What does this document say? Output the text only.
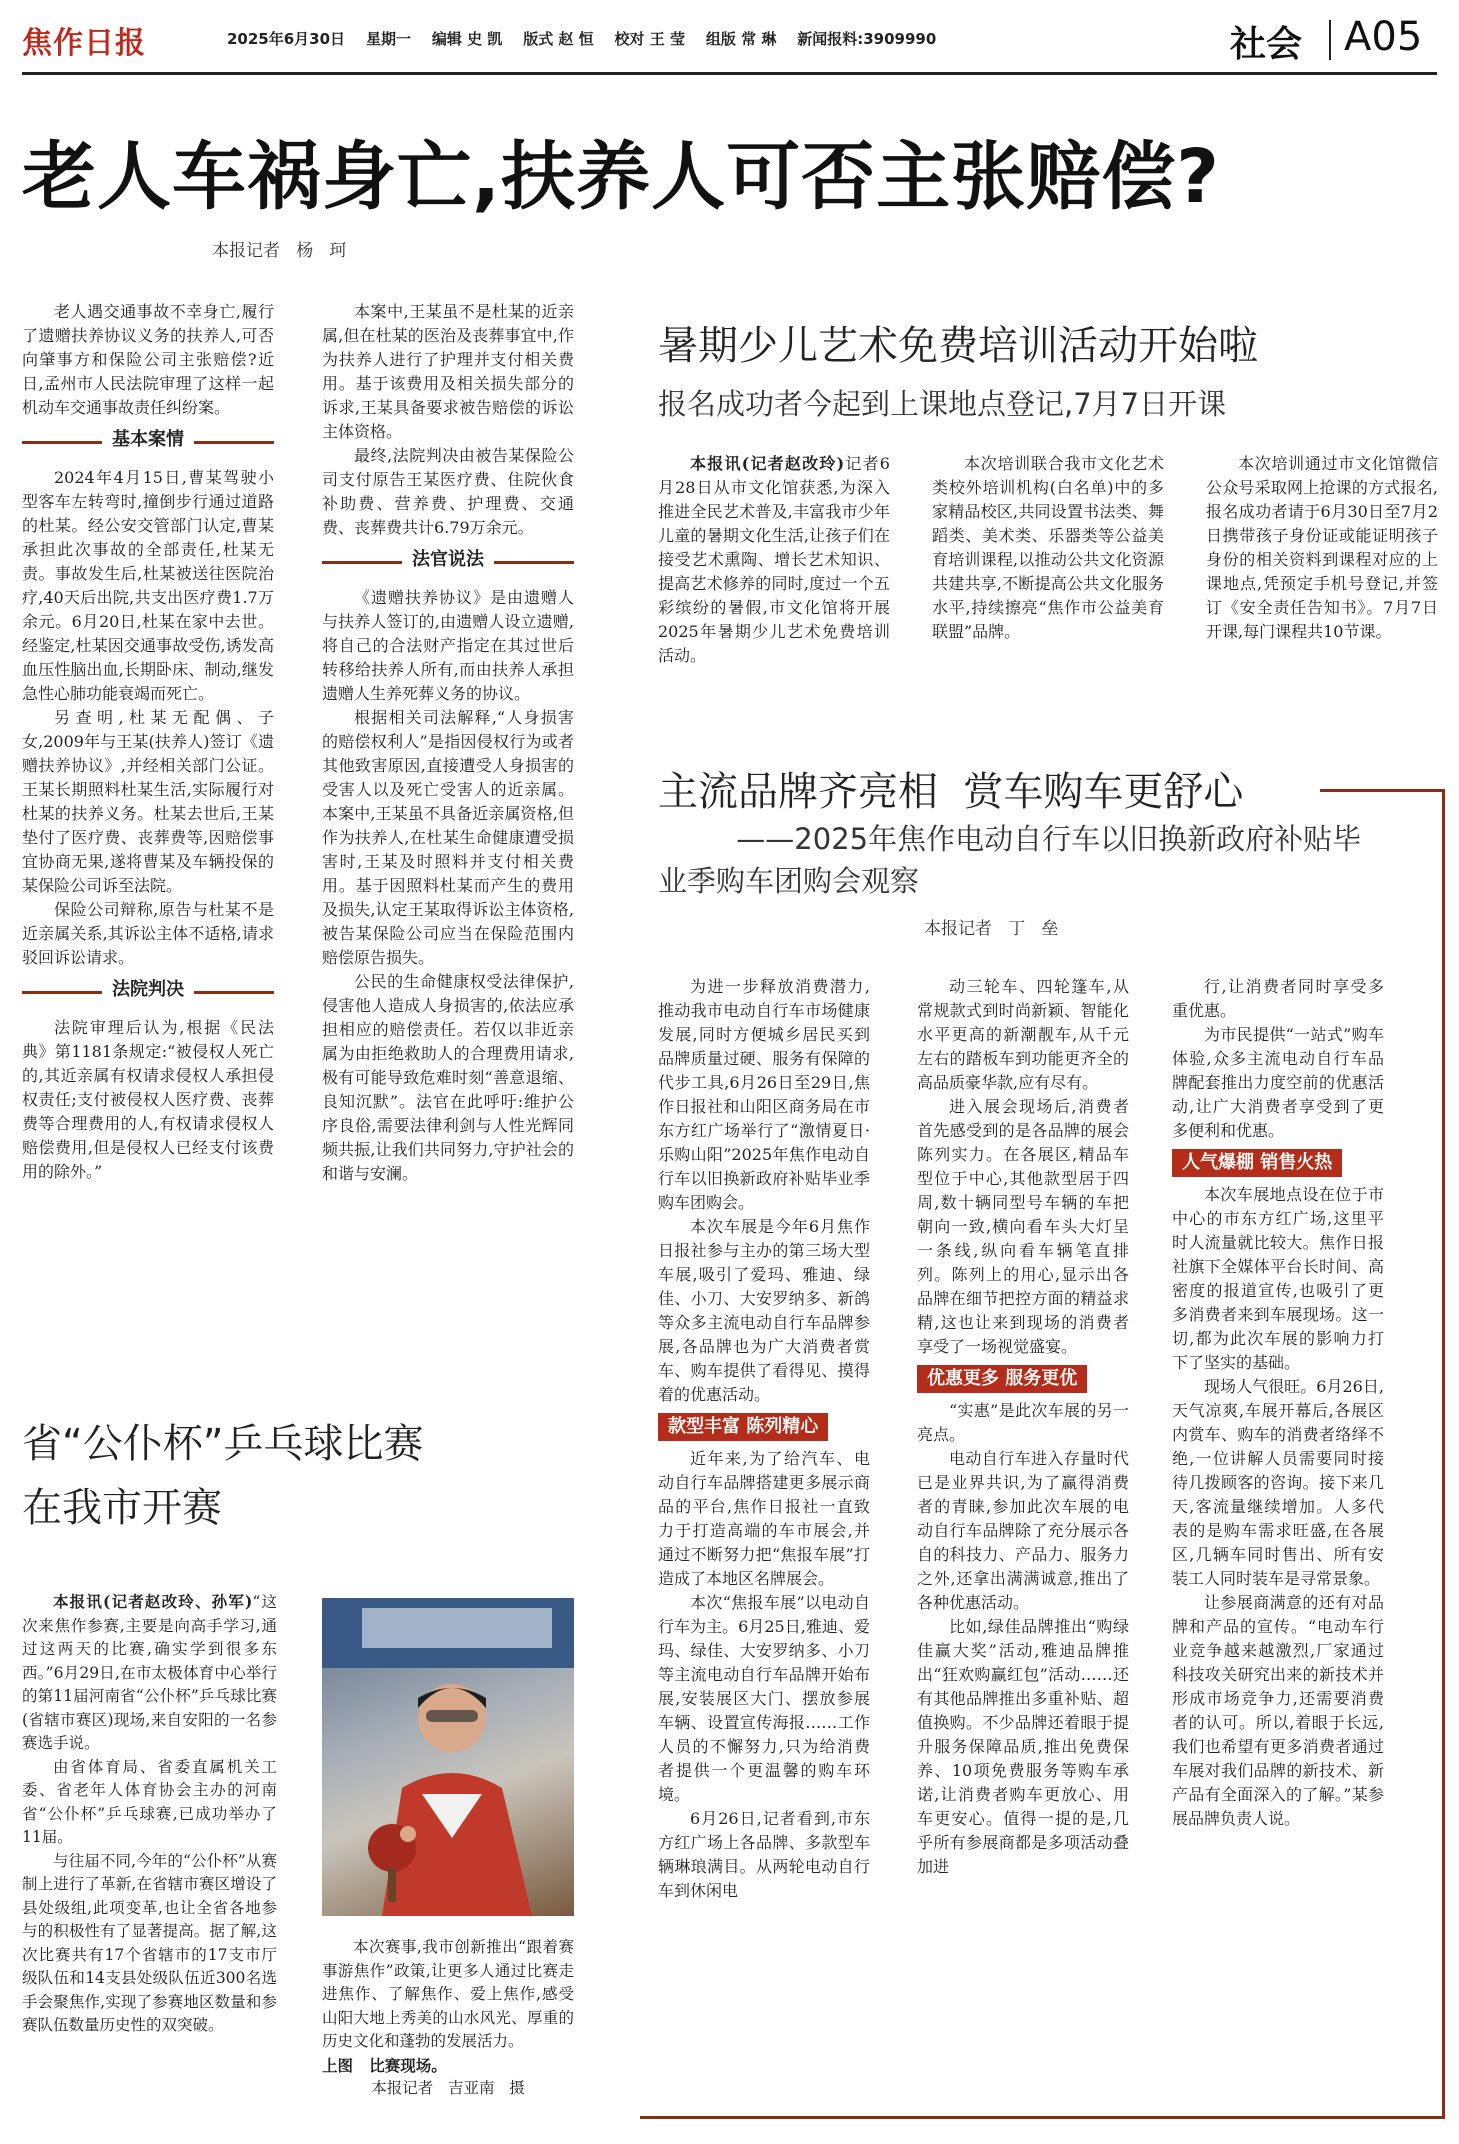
焦作日报	2025年6月30日 星期一 编辑 史 凯 版式 赵 恒 校对 王 莹 组版 常 琳 新闻报料:3909990	社会 A05
老人车祸身亡,扶养人可否主张赔偿?
本报记者   杨   珂

老人遇交通事故不幸身亡,履行了遗赠扶养协议义务的扶养人,可否向肇事方和保险公司主张赔偿?近日,孟州市人民法院审理了这样一起机动车交通事故责任纠纷案。

基本案情

2024年4月15日,曹某驾驶小型客车左转弯时,撞倒步行通过道路的杜某。经公安交管部门认定,曹某承担此次事故的全部责任,杜某无责。事故发生后,杜某被送往医院治疗,40天后出院,共支出医疗费1.7万余元。6月20日,杜某在家中去世。经鉴定,杜某因交通事故受伤,诱发高血压性脑出血,长期卧床、制动,继发急性心肺功能衰竭而死亡。

另查明,杜某无配偶、子女,2009年与王某(扶养人)签订《遗赠扶养协议》,并经相关部门公证。王某长期照料杜某生活,实际履行对杜某的扶养义务。杜某去世后,王某垫付了医疗费、丧葬费等,因赔偿事宜协商无果,遂将曹某及车辆投保的某保险公司诉至法院。

保险公司辩称,原告与杜某不是近亲属关系,其诉讼主体不适格,请求驳回诉讼请求。

法院判决

法院审理后认为,根据《民法典》第1181条规定:“被侵权人死亡的,其近亲属有权请求侵权人承担侵权责任;支付被侵权人医疗费、丧葬费等合理费用的人,有权请求侵权人赔偿费用,但是侵权人已经支付该费用的除外。”

本案中,王某虽不是杜某的近亲属,但在杜某的医治及丧葬事宜中,作为扶养人进行了护理并支付相关费用。基于该费用及相关损失部分的诉求,王某具备要求被告赔偿的诉讼主体资格。

最终,法院判决由被告某保险公司支付原告王某医疗费、住院伙食补助费、营养费、护理费、交通费、丧葬费共计6.79万余元。

法官说法

《遗赠扶养协议》是由遗赠人与扶养人签订的,由遗赠人设立遗赠,将自己的合法财产指定在其过世后转移给扶养人所有,而由扶养人承担遗赠人生养死葬义务的协议。

根据相关司法解释,“人身损害的赔偿权利人”是指因侵权行为或者其他致害原因,直接遭受人身损害的受害人以及死亡受害人的近亲属。本案中,王某虽不具备近亲属资格,但作为扶养人,在杜某生命健康遭受损害时,王某及时照料并支付相关费用。基于因照料杜某而产生的费用及损失,认定王某取得诉讼主体资格,被告某保险公司应当在保险范围内赔偿原告损失。

公民的生命健康权受法律保护,侵害他人造成人身损害的,依法应承担相应的赔偿责任。若仅以非近亲属为由拒绝救助人的合理费用请求,极有可能导致危难时刻“善意退缩、良知沉默”。法官在此呼吁:维护公序良俗,需要法律利剑与人性光辉同频共振,让我们共同努力,守护社会的和谐与安澜。

暑期少儿艺术免费培训活动开始啦
报名成功者今起到上课地点登记,7月7日开课

本报讯(记者赵改玲)记者6月28日从市文化馆获悉,为深入推进全民艺术普及,丰富我市少年儿童的暑期文化生活,让孩子们在接受艺术熏陶、增长艺术知识、提高艺术修养的同时,度过一个五彩缤纷的暑假,市文化馆将开展2025年暑期少儿艺术免费培训活动。

本次培训联合我市文化艺术类校外培训机构(白名单)中的多家精品校区,共同设置书法类、舞蹈类、美术类、乐器类等公益美育培训课程,以推动公共文化资源共建共享,不断提高公共文化服务水平,持续擦亮“焦作市公益美育联盟”品牌。

本次培训通过市文化馆微信公众号采取网上抢课的方式报名,报名成功者请于6月30日至7月2日携带孩子身份证或能证明孩子身份的相关资料到课程对应的上课地点,凭预定手机号登记,并签订《安全责任告知书》。7月7日开课,每门课程共10节课。

主流品牌齐亮相  赏车购车更舒心
——2025年焦作电动自行车以旧换新政府补贴毕业季购车团购会观察
本报记者   丁   垒

为进一步释放消费潜力,推动我市电动自行车市场健康发展,同时方便城乡居民买到品牌质量过硬、服务有保障的代步工具,6月26日至29日,焦作日报社和山阳区商务局在市东方红广场举行了“激情夏日·乐购山阳”2025年焦作电动自行车以旧换新政府补贴毕业季购车团购会。

本次车展是今年6月焦作日报社参与主办的第三场大型车展,吸引了爱玛、雅迪、绿佳、小刀、大安罗纳多、新鸽等众多主流电动自行车品牌参展,各品牌也为广大消费者赏车、购车提供了看得见、摸得着的优惠活动。

款型丰富 陈列精心

近年来,为了给汽车、电动自行车品牌搭建更多展示商品的平台,焦作日报社一直致力于打造高端的车市展会,并通过不断努力把“焦报车展”打造成了本地区名牌展会。

本次“焦报车展”以电动自行车为主。6月25日,雅迪、爱玛、绿佳、大安罗纳多、小刀等主流电动自行车品牌开始布展,安装展区大门、摆放参展车辆、设置宣传海报……工作人员的不懈努力,只为给消费者提供一个更温馨的购车环境。

6月26日,记者看到,市东方红广场上各品牌、多款型车辆琳琅满目。从两轮电动自行车到休闲电

动三轮车、四轮篷车,从常规款式到时尚新颖、智能化水平更高的新潮靓车,从千元左右的踏板车到功能更齐全的高品质豪华款,应有尽有。

进入展会现场后,消费者首先感受到的是各品牌的展会陈列实力。在各展区,精品车型位于中心,其他款型居于四周,数十辆同型号车辆的车把朝向一致,横向看车头大灯呈一条线,纵向看车辆笔直排列。陈列上的用心,显示出各品牌在细节把控方面的精益求精,这也让来到现场的消费者享受了一场视觉盛宴。

优惠更多 服务更优

“实惠”是此次车展的另一亮点。

电动自行车进入存量时代已是业界共识,为了赢得消费者的青睐,参加此次车展的电动自行车品牌除了充分展示各自的科技力、产品力、服务力之外,还拿出满满诚意,推出了各种优惠活动。

比如,绿佳品牌推出“购绿佳赢大奖”活动,雅迪品牌推出“狂欢购赢红包”活动……还有其他品牌推出多重补贴、超值换购。不少品牌还着眼于提升服务保障品质,推出免费保养、10项免费服务等购车承诺,让消费者购车更放心、用车更安心。值得一提的是,几乎所有参展商都是多项活动叠加进

行,让消费者同时享受多重优惠。

为市民提供“一站式”购车体验,众多主流电动自行车品牌配套推出力度空前的优惠活动,让广大消费者享受到了更多便利和优惠。

人气爆棚 销售火热

本次车展地点设在位于市中心的市东方红广场,这里平时人流量就比较大。焦作日报社旗下全媒体平台长时间、高密度的报道宣传,也吸引了更多消费者来到车展现场。这一切,都为此次车展的影响力打下了坚实的基础。

现场人气很旺。6月26日,天气凉爽,车展开幕后,各展区内赏车、购车的消费者络绎不绝,一位讲解人员需要同时接待几拨顾客的咨询。接下来几天,客流量继续增加。人多代表的是购车需求旺盛,在各展区,几辆车同时售出、所有安装工人同时装车是寻常景象。

让参展商满意的还有对品牌和产品的宣传。“电动车行业竞争越来越激烈,厂家通过科技攻关研究出来的新技术并形成市场竞争力,还需要消费者的认可。所以,着眼于长远,我们也希望有更多消费者通过车展对我们品牌的新技术、新产品有全面深入的了解。”某参展品牌负责人说。

省“公仆杯”乒乓球比赛
在我市开赛

本报讯(记者赵改玲、孙军)“这次来焦作参赛,主要是向高手学习,通过这两天的比赛,确实学到很多东西。”6月29日,在市太极体育中心举行的第11届河南省“公仆杯”乒乓球比赛(省辖市赛区)现场,来自安阳的一名参赛选手说。

由省体育局、省委直属机关工委、省老年人体育协会主办的河南省“公仆杯”乒乓球赛,已成功举办了11届。

与往届不同,今年的“公仆杯”从赛制上进行了革新,在省辖市赛区增设了县处级组,此项变革,也让全省各地参与的积极性有了显著提高。据了解,这次比赛共有17个省辖市的17支市厅级队伍和14支县处级队伍近300名选手会聚焦作,实现了参赛地区数量和参赛队伍数量历史性的双突破。

本次赛事,我市创新推出“跟着赛事游焦作”政策,让更多人通过比赛走进焦作、了解焦作、爱上焦作,感受山阳大地上秀美的山水风光、厚重的历史文化和蓬勃的发展活力。

上图   比赛现场。
本报记者   吉亚南   摄
